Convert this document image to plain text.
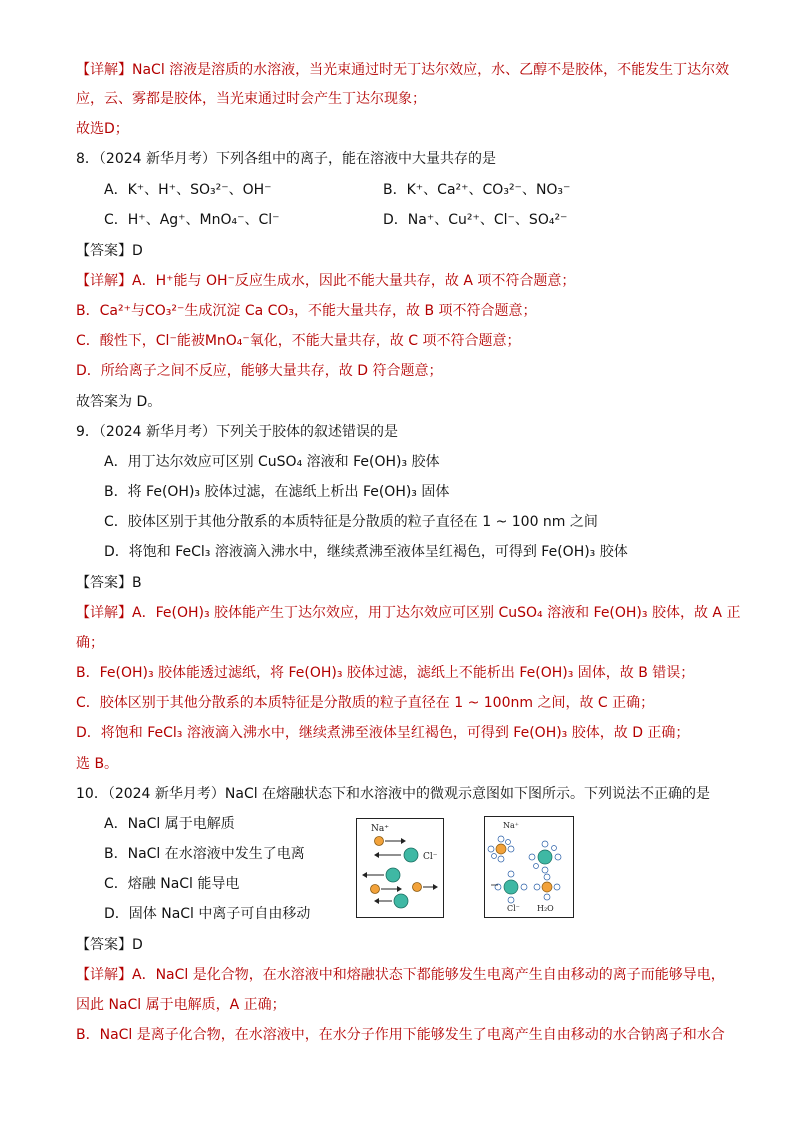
【详解】NaCl 溶液是溶质的水溶液，当光束通过时无丁达尔效应，水、乙醇不是胶体，不能发生丁达尔效
应，云、雾都是胶体，当光束通过时会产生丁达尔现象；
故选D；
8．（2024 新华月考）下列各组中的离子，能在溶液中大量共存的是
A．K⁺、H⁺、SO₃²⁻、OH⁻	B．K⁺、Ca²⁺、CO₃²⁻、NO₃⁻
C．H⁺、Ag⁺、MnO₄⁻、Cl⁻	D．Na⁺、Cu²⁺、Cl⁻、SO₄²⁻
【答案】D
【详解】A．H⁺能与 OH⁻反应生成水，因此不能大量共存，故 A 项不符合题意；
B．Ca²⁺与CO₃²⁻生成沉淀 Ca CO₃，不能大量共存，故 B 项不符合题意；
C．酸性下，Cl⁻能被MnO₄⁻氧化，不能大量共存，故 C 项不符合题意；
D．所给离子之间不反应，能够大量共存，故 D 符合题意；
故答案为 D。
9．（2024 新华月考）下列关于胶体的叙述错误的是
A．用丁达尔效应可区别 CuSO₄ 溶液和 Fe(OH)₃ 胶体
B．将 Fe(OH)₃ 胶体过滤，在滤纸上析出 Fe(OH)₃ 固体
C．胶体区别于其他分散系的本质特征是分散质的粒子直径在 1 ~ 100 nm 之间
D．将饱和 FeCl₃ 溶液滴入沸水中，继续煮沸至液体呈红褐色，可得到 Fe(OH)₃ 胶体
【答案】B
【详解】A．Fe(OH)₃ 胶体能产生丁达尔效应，用丁达尔效应可区别 CuSO₄ 溶液和 Fe(OH)₃ 胶体，故 A 正
确；
B．Fe(OH)₃ 胶体能透过滤纸，将 Fe(OH)₃ 胶体过滤，滤纸上不能析出 Fe(OH)₃ 固体，故 B 错误；
C．胶体区别于其他分散系的本质特征是分散质的粒子直径在 1 ~ 100nm 之间，故 C 正确；
D．将饱和 FeCl₃ 溶液滴入沸水中，继续煮沸至液体呈红褐色，可得到 Fe(OH)₃ 胶体，故 D 正确；
选 B。
10．（2024 新华月考）NaCl 在熔融状态下和水溶液中的微观示意图如下图所示。下列说法不正确的是
A．NaCl 属于电解质
B．NaCl 在水溶液中发生了电离
C．熔融 NaCl 能导电
D．固体 NaCl 中离子可自由移动
Na⁺
Cl⁻
Na⁺
Cl⁻ H₂O
【答案】D
【详解】A．NaCl 是化合物，在水溶液中和熔融状态下都能够发生电离产生自由移动的离子而能够导电，
因此 NaCl 属于电解质，A 正确；
B．NaCl 是离子化合物，在水溶液中，在水分子作用下能够发生了电离产生自由移动的水合钠离子和水合
